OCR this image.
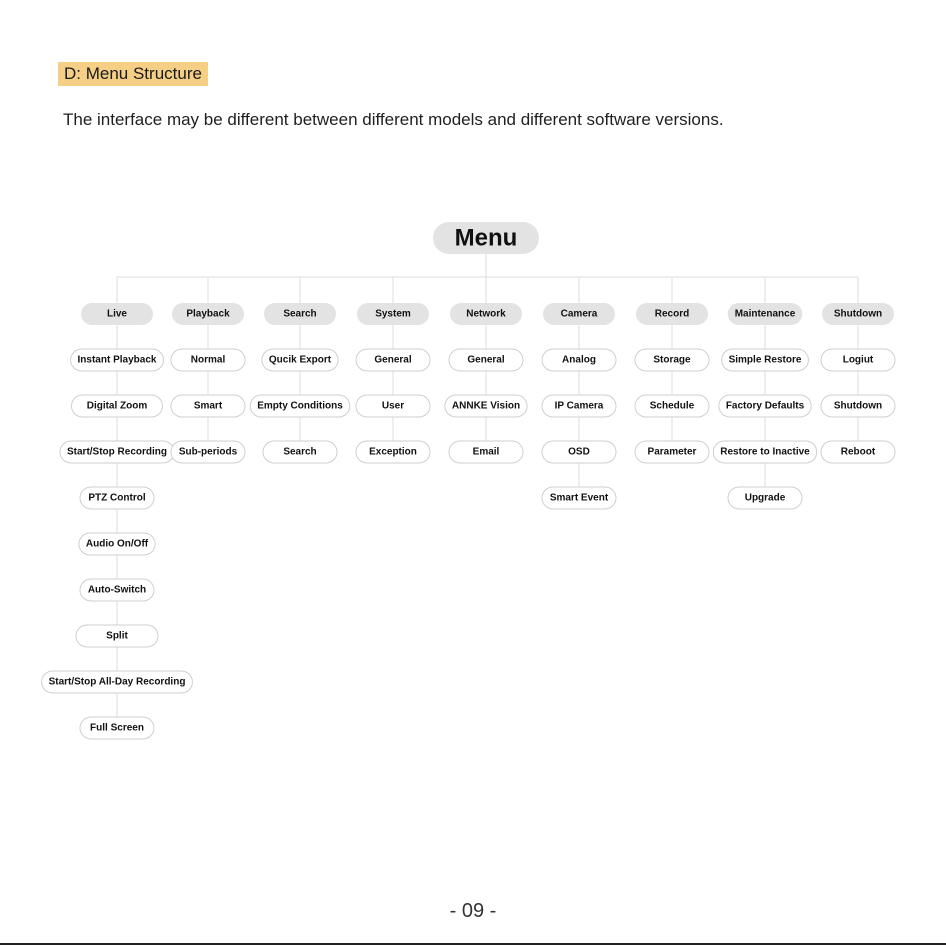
D: Menu Structure

The interface may be different between different models and different software versions.

Menu
Live
Instant Playback
Digital Zoom
Start/Stop Recording
PTZ Control
Audio On/Off
Auto-Switch
Split
Start/Stop All-Day Recording
Full Screen
Playback
Normal
Smart
Sub-periods
Search
Qucik Export
Empty Conditions
Search
System
General
User
Exception
Network
General
ANNKE Vision
Email
Camera
Analog
IP Camera
OSD
Smart Event
Record
Storage
Schedule
Parameter
Maintenance
Simple Restore
Factory Defaults
Restore to Inactive
Upgrade
Shutdown
Logiut
Shutdown
Reboot
- 09 -
